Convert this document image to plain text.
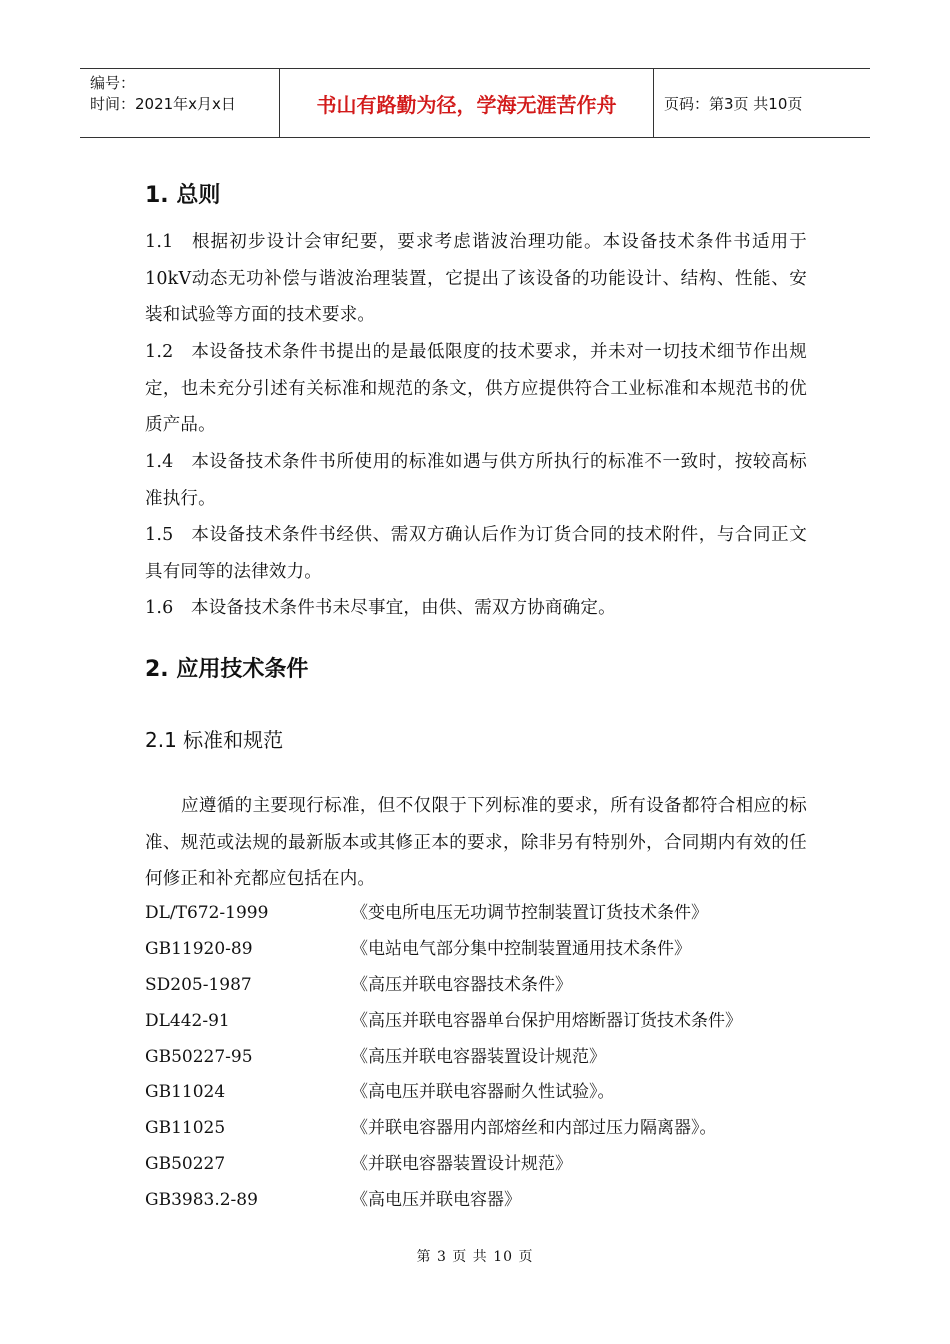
编号：
时间：2021年x月x日	书山有路勤为径，学海无涯苦作舟	页码：第3页 共10页
1. 总则

1.1 根据初步设计会审纪要，要求考虑谐波治理功能。本设备技术条件书适用于10kV动态无功补偿与谐波治理装置，它提出了该设备的功能设计、结构、性能、安装和试验等方面的技术要求。

1.2 本设备技术条件书提出的是最低限度的技术要求，并未对一切技术细节作出规定，也未充分引述有关标准和规范的条文，供方应提供符合工业标准和本规范书的优质产品。

1.4 本设备技术条件书所使用的标准如遇与供方所执行的标准不一致时，按较高标准执行。

1.5 本设备技术条件书经供、需双方确认后作为订货合同的技术附件，与合同正文具有同等的法律效力。

1.6 本设备技术条件书未尽事宜，由供、需双方协商确定。

2. 应用技术条件
2.1 标准和规范

应遵循的主要现行标准，但不仅限于下列标准的要求，所有设备都符合相应的标准、规范或法规的最新版本或其修正本的要求，除非另有特别外，合同期内有效的任何修正和补充都应包括在内。

DL/T672-1999	《变电所电压无功调节控制装置订货技术条件》
GB11920-89	《电站电气部分集中控制装置通用技术条件》
SD205-1987	《高压并联电容器技术条件》
DL442-91	《高压并联电容器单台保护用熔断器订货技术条件》
GB50227-95	《高压并联电容器装置设计规范》
GB11024	《高电压并联电容器耐久性试验》。
GB11025	《并联电容器用内部熔丝和内部过压力隔离器》。
GB50227	《并联电容器装置设计规范》
GB3983.2-89	《高电压并联电容器》
第 3 页 共 10 页
